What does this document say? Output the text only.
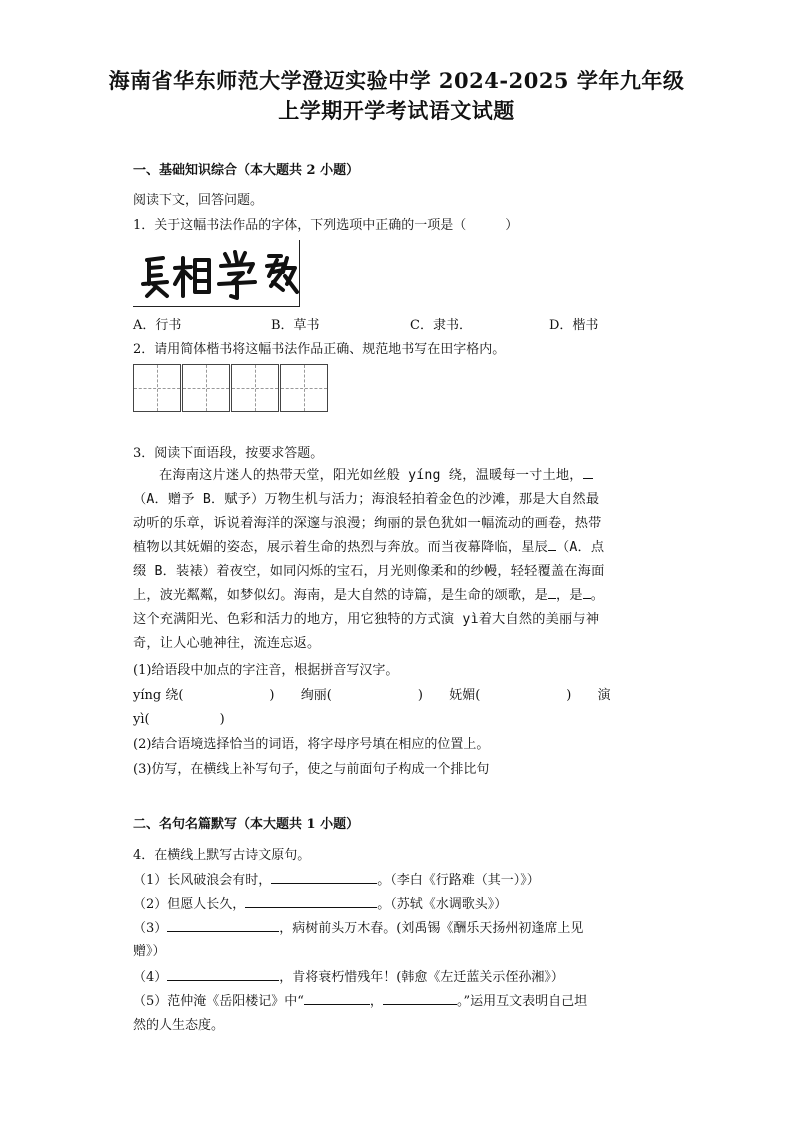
海南省华东师范大学澄迈实验中学 2024-2025 学年九年级
上学期开学考试语文试题
一、基础知识综合（本大题共 2 小题）
阅读下文，回答问题。
1．关于这幅书法作品的字体，下列选项中正确的一项是（　　　）
A．行书	B．草书	C．隶书．	D．楷书
2．请用简体楷书将这幅书法作品正确、规范地书写在田字格内。
3．阅读下面语段，按要求答题。
在海南这片迷人的热带天堂，阳光如丝般 yíng 绕，温暖每一寸土地，
（A．赠予 B．赋予）万物生机与活力；海浪轻拍着金色的沙滩，那是大自然最
动听的乐章，诉说着海洋的深邃与浪漫；绚丽的景色犹如一幅流动的画卷，热带
植物以其妩媚的姿态，展示着生命的热烈与奔放。而当夜幕降临，星辰 （A．点
缀 B．装裱）着夜空，如同闪烁的宝石，月光则像柔和的纱幔，轻轻覆盖在海面
上，波光粼粼，如梦似幻。海南，是大自然的诗篇，是生命的颂歌，是 ，是 。
这个充满阳光、色彩和活力的地方，用它独特的方式演 yì着大自然的美丽与神
奇，让人心驰神往，流连忘返。
(1)给语段中加点的字注音，根据拼音写汉字。
yíng 绕(	) 绚丽(	) 妩媚(	) 演
yì(	)
(2)结合语境选择恰当的词语，将字母序号填在相应的位置上。
(3)仿写，在横线上补写句子，使之与前面句子构成一个排比句
二、名句名篇默写（本大题共 1 小题）
4．在横线上默写古诗文原句。
（1）长风破浪会有时，	。（李白《行路难（其一）》）
（2）但愿人长久，	。（苏轼《水调歌头》）
（3）	，病树前头万木春。(刘禹锡《酬乐天扬州初逢席上见
赠》）
（4）	，肯将衰朽惜残年！(韩愈《左迁蓝关示侄孙湘》）
（5）范仲淹《岳阳楼记》中“	，	。”运用互文表明自己坦
然的人生态度。
